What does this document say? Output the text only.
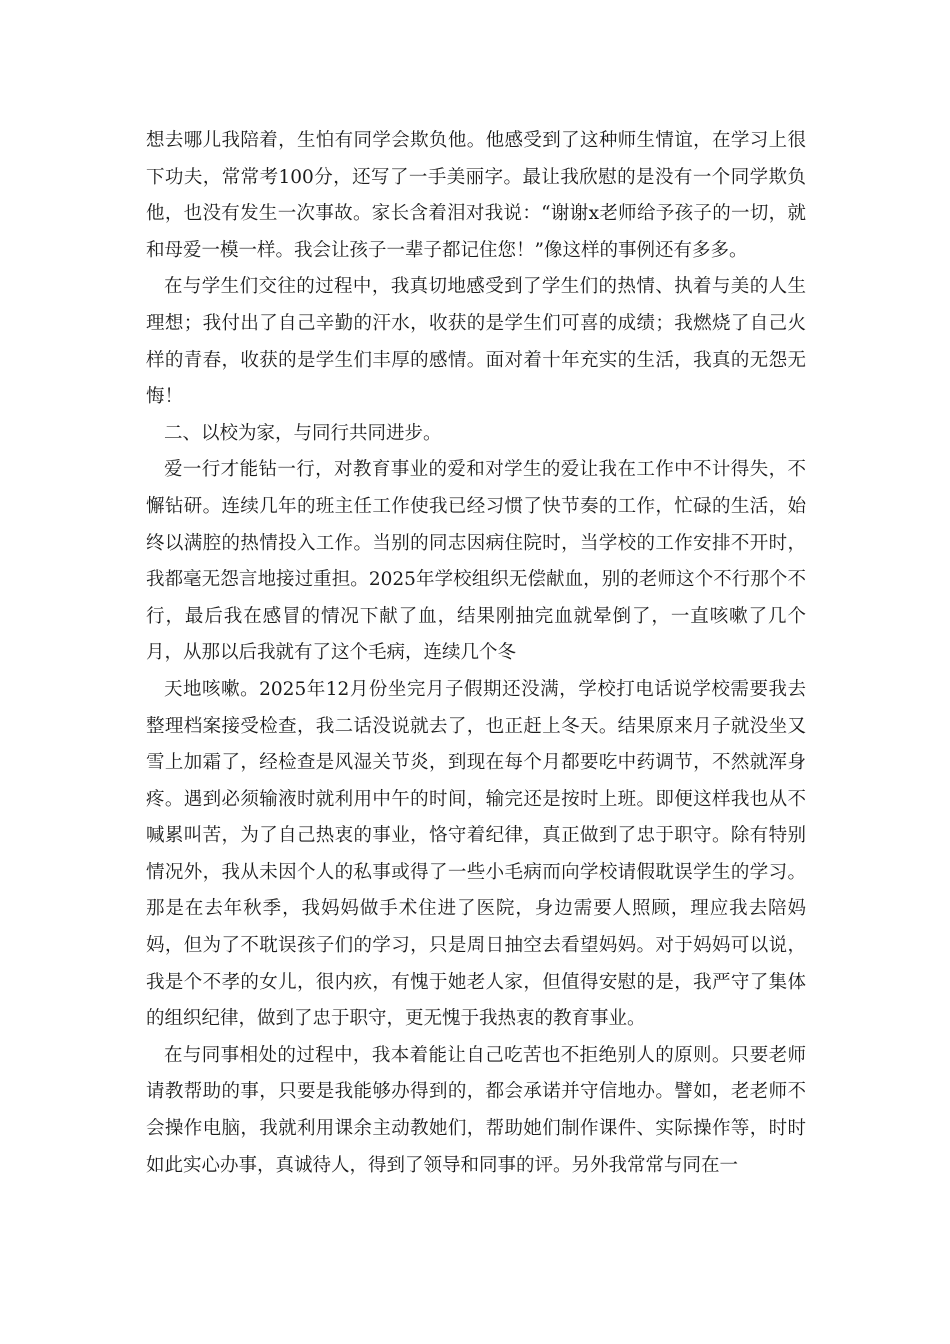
想去哪儿我陪着，生怕有同学会欺负他。他感受到了这种师生情谊，在学习上很下功夫，常常考100分，还写了一手美丽字。最让我欣慰的是没有一个同学欺负他，也没有发生一次事故。家长含着泪对我说：“谢谢x老师给予孩子的一切，就和母爱一模一样。我会让孩子一辈子都记住您！”像这样的事例还有多多。

在与学生们交往的过程中，我真切地感受到了学生们的热情、执着与美的人生理想；我付出了自己辛勤的汗水，收获的是学生们可喜的成绩；我燃烧了自己火样的青春，收获的是学生们丰厚的感情。面对着十年充实的生活，我真的无怨无悔！

二、以校为家，与同行共同进步。

爱一行才能钻一行，对教育事业的爱和对学生的爱让我在工作中不计得失，不懈钻研。连续几年的班主任工作使我已经习惯了快节奏的工作，忙碌的生活，始终以满腔的热情投入工作。当别的同志因病住院时，当学校的工作安排不开时，我都毫无怨言地接过重担。2025年学校组织无偿献血，别的老师这个不行那个不行，最后我在感冒的情况下献了血，结果刚抽完血就晕倒了，一直咳嗽了几个月，从那以后我就有了这个毛病，连续几个冬

天地咳嗽。2025年12月份坐完月子假期还没满，学校打电话说学校需要我去整理档案接受检查，我二话没说就去了，也正赶上冬天。结果原来月子就没坐又雪上加霜了，经检查是风湿关节炎，到现在每个月都要吃中药调节，不然就浑身疼。遇到必须输液时就利用中午的时间，输完还是按时上班。即便这样我也从不喊累叫苦，为了自己热衷的事业，恪守着纪律，真正做到了忠于职守。除有特别情况外，我从未因个人的私事或得了一些小毛病而向学校请假耽误学生的学习。那是在去年秋季，我妈妈做手术住进了医院，身边需要人照顾，理应我去陪妈妈，但为了不耽误孩子们的学习，只是周日抽空去看望妈妈。对于妈妈可以说，我是个不孝的女儿，很内疚，有愧于她老人家，但值得安慰的是，我严守了集体的组织纪律，做到了忠于职守，更无愧于我热衷的教育事业。

在与同事相处的过程中，我本着能让自己吃苦也不拒绝别人的原则。只要老师请教帮助的事，只要是我能够办得到的，都会承诺并守信地办。譬如，老老师不会操作电脑，我就利用课余主动教她们，帮助她们制作课件、实际操作等，时时如此实心办事，真诚待人，得到了领导和同事的评。另外我常常与同在一
